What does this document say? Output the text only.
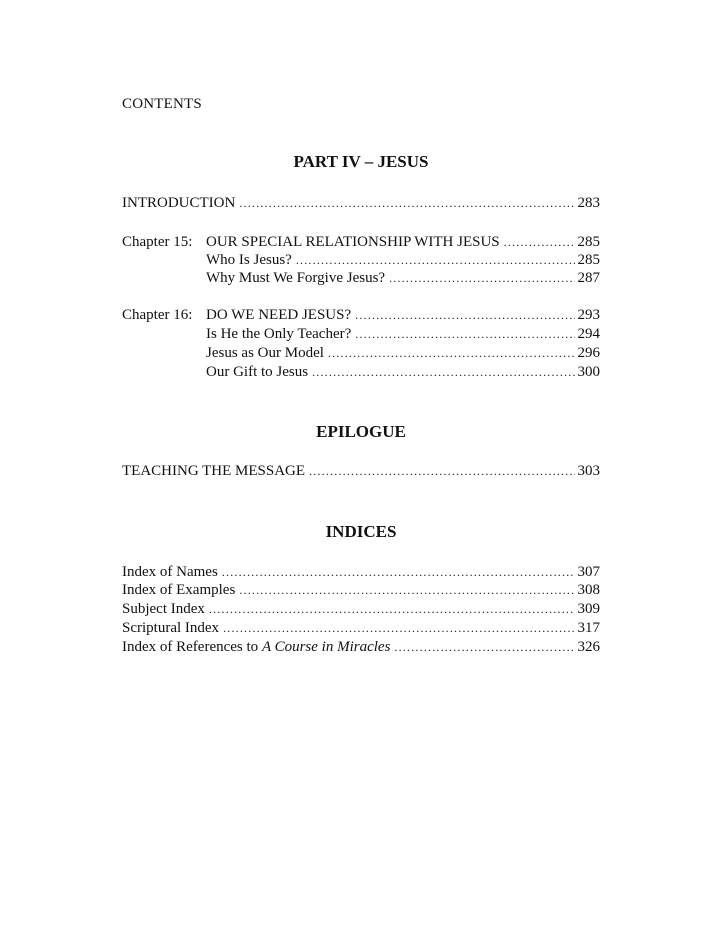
CONTENTS
PART IV – JESUS
INTRODUCTION .....	283
Chapter 15: OUR SPECIAL RELATIONSHIP WITH JESUS .....	285
Who Is Jesus? .....	285
Why Must We Forgive Jesus? .....	287
Chapter 16: DO WE NEED JESUS? .....	293
Is He the Only Teacher? .....	294
Jesus as Our Model .....	296
Our Gift to Jesus .....	300
EPILOGUE
TEACHING THE MESSAGE .....	303
INDICES
Index of Names .....	307
Index of Examples .....	308
Subject Index .....	309
Scriptural Index .....	317
Index of References to A Course in Miracles .....	326
